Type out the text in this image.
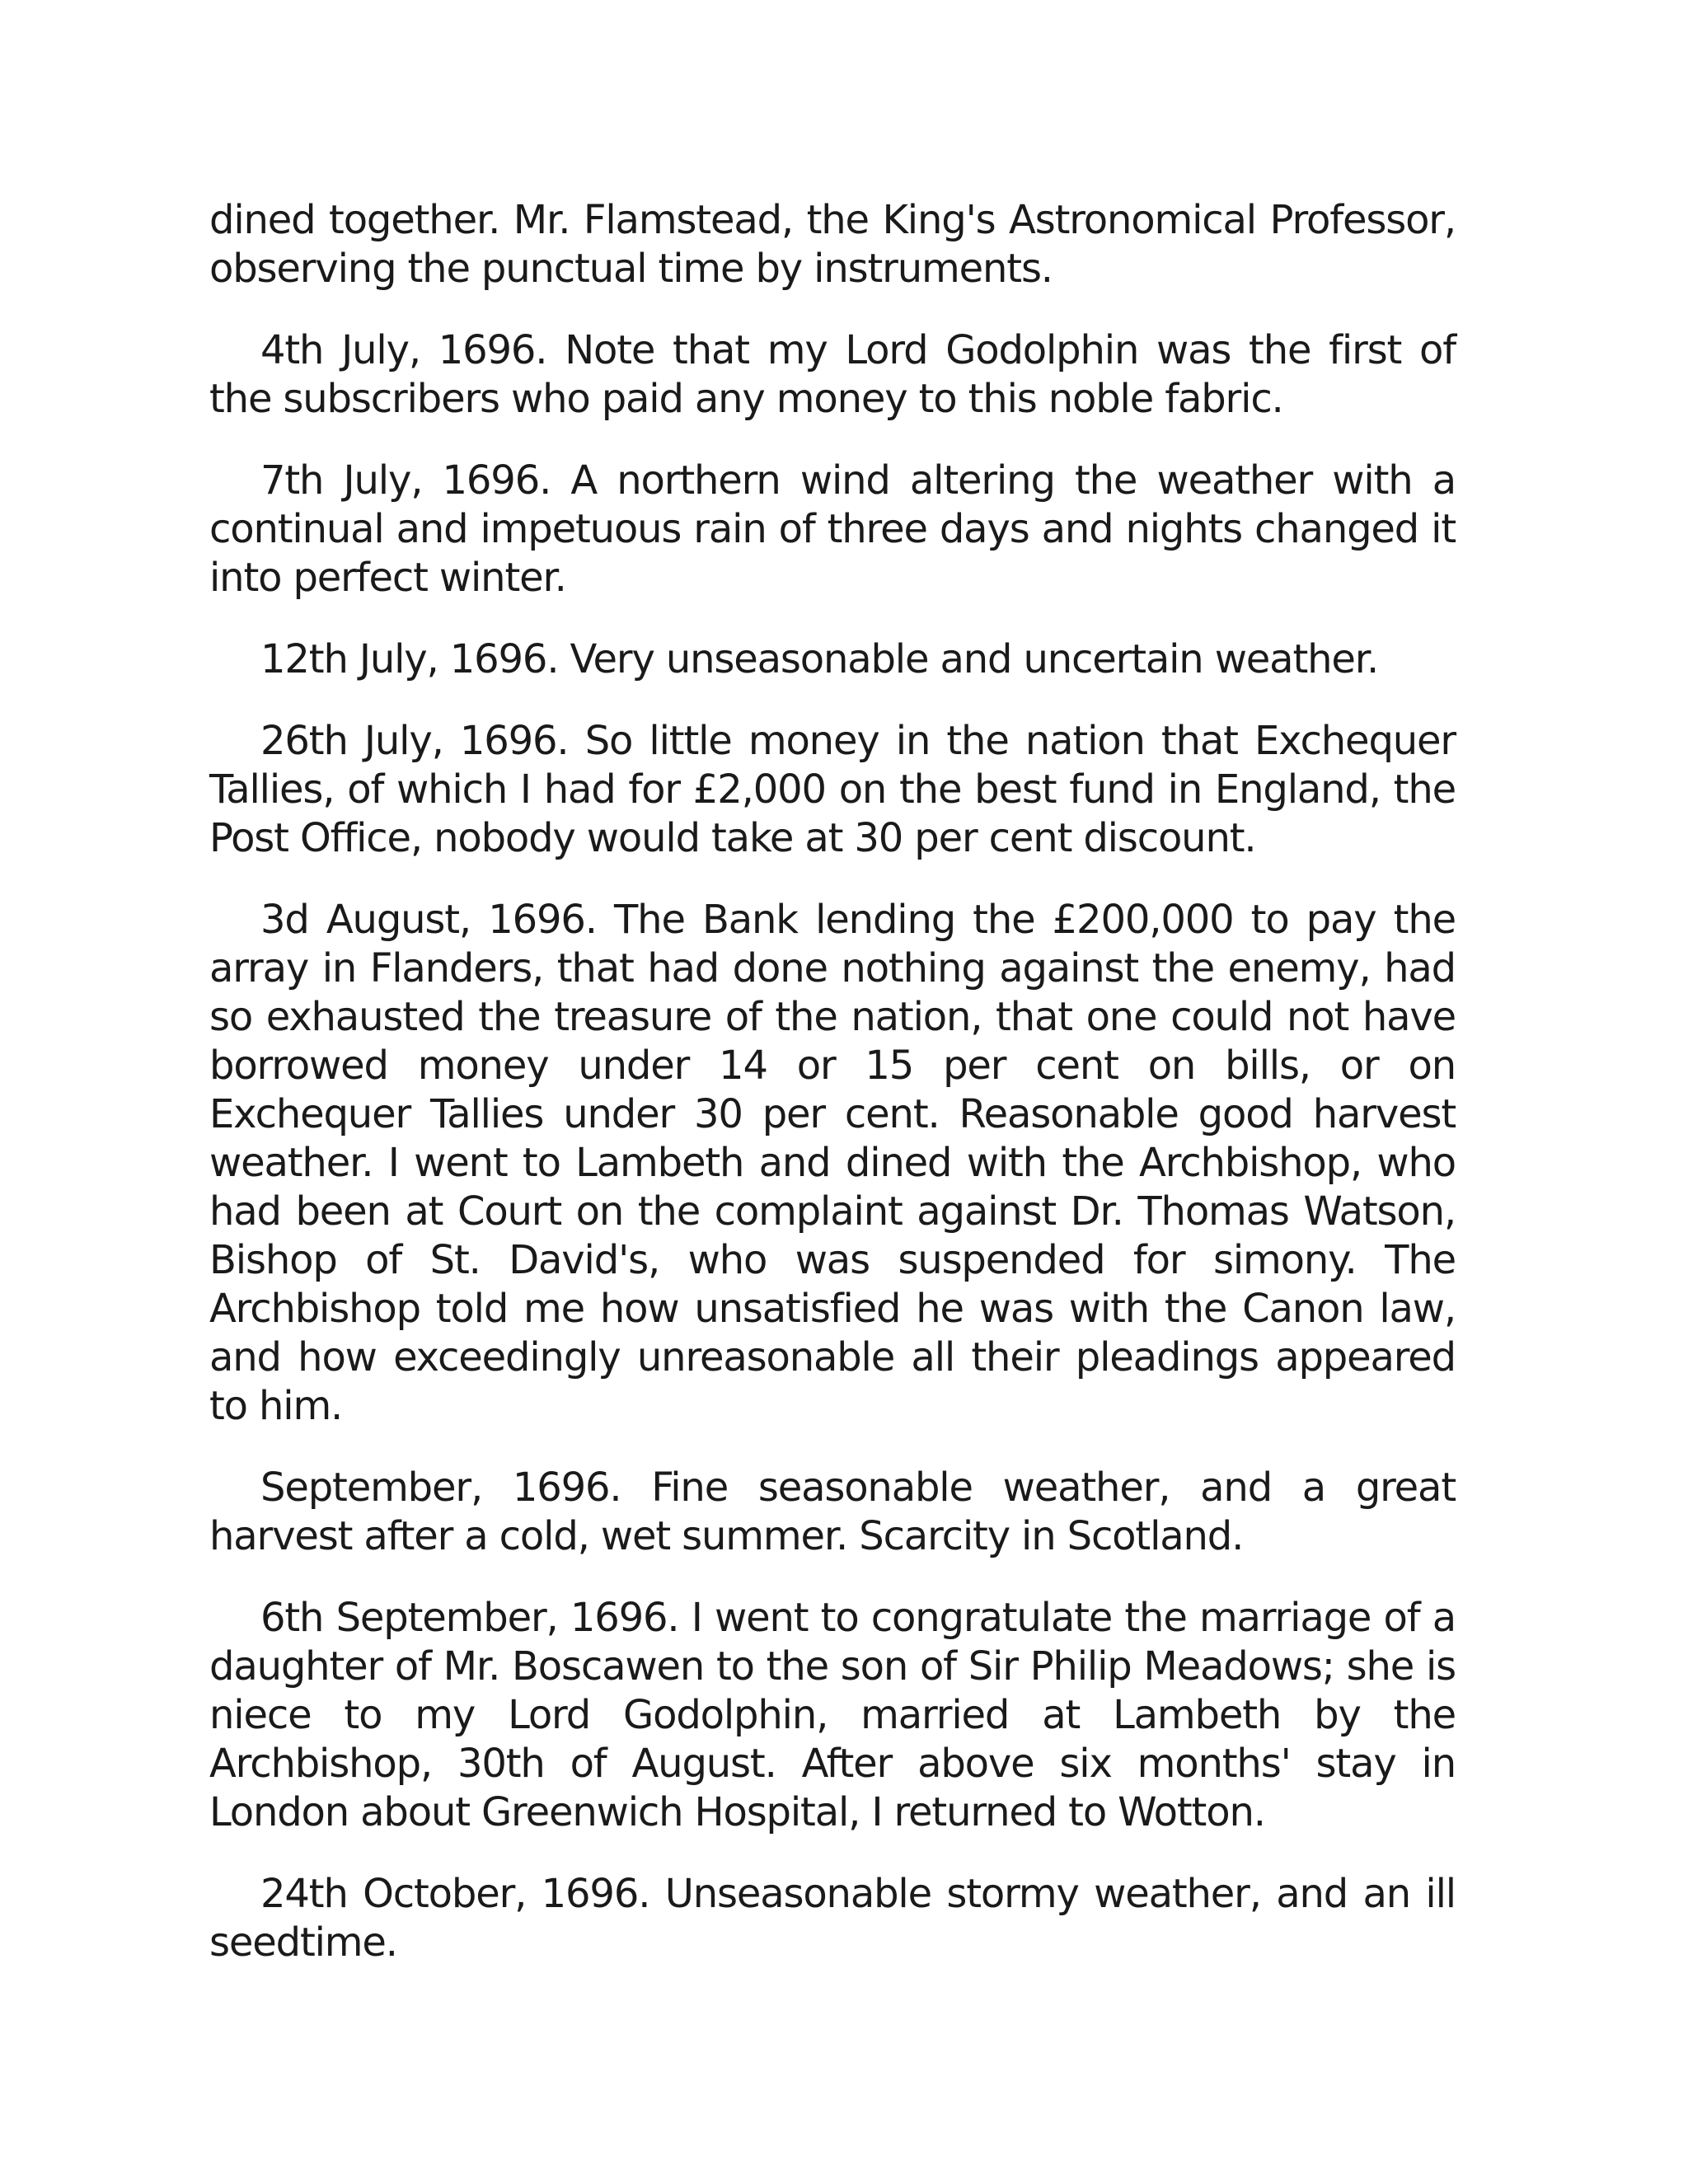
dined together. Mr. Flamstead, the King's Astronomical Professor, observing the punctual time by instruments.

4th July, 1696. Note that my Lord Godolphin was the first of the subscribers who paid any money to this noble fabric.

7th July, 1696. A northern wind altering the weather with a continual and impetuous rain of three days and nights changed it into perfect winter.

12th July, 1696. Very unseasonable and uncertain weather.

26th July, 1696. So little money in the nation that Exchequer Tallies, of which I had for £2,000 on the best fund in England, the Post Office, nobody would take at 30 per cent discount.

3d August, 1696. The Bank lending the £200,000 to pay the array in Flanders, that had done nothing against the enemy, had so exhausted the treasure of the nation, that one could not have borrowed money under 14 or 15 per cent on bills, or on Exchequer Tallies under 30 per cent. Reasonable good harvest weather. I went to Lambeth and dined with the Archbishop, who had been at Court on the complaint against Dr. Thomas Watson, Bishop of St. David's, who was suspended for simony. The Archbishop told me how unsatisfied he was with the Canon law, and how exceedingly unreasonable all their pleadings appeared to him.

September, 1696. Fine seasonable weather, and a great harvest after a cold, wet summer. Scarcity in Scotland.

6th September, 1696. I went to congratulate the marriage of a daughter of Mr. Boscawen to the son of Sir Philip Meadows; she is niece to my Lord Godolphin, married at Lambeth by the Archbishop, 30th of August. After above six months' stay in London about Greenwich Hospital, I returned to Wotton.

24th October, 1696. Unseasonable stormy weather, and an ill seedtime.
